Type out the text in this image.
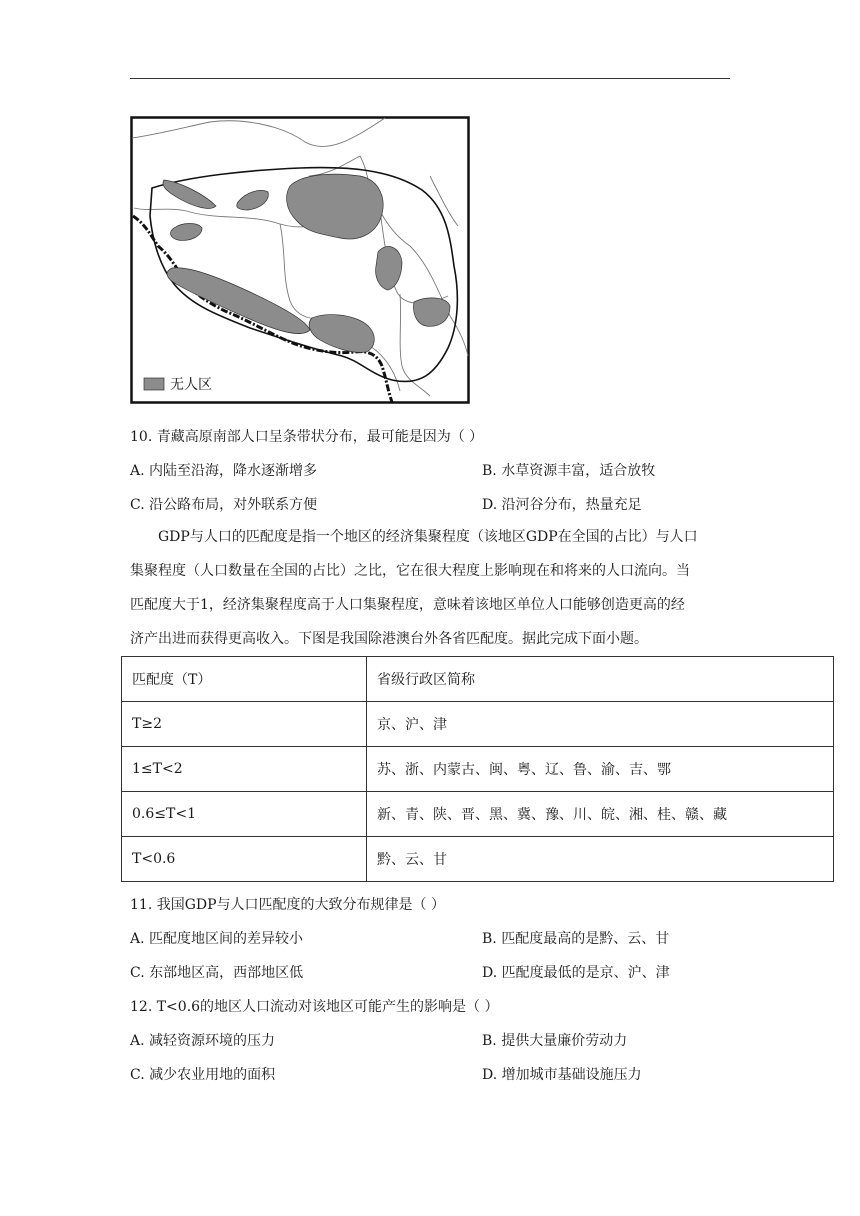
无人区
10. 青藏高原南部人口呈条带状分布，最可能是因为（ ）
A. 内陆至沿海，降水逐渐增多	B. 水草资源丰富，适合放牧
C. 沿公路布局，对外联系方便	D. 沿河谷分布，热量充足

GDP与人口的匹配度是指一个地区的经济集聚程度（该地区GDP在全国的占比）与人口

集聚程度（人口数量在全国的占比）之比，它在很大程度上影响现在和将来的人口流向。当

匹配度大于1，经济集聚程度高于人口集聚程度，意味着该地区单位人口能够创造更高的经

济产出进而获得更高收入。下图是我国除港澳台外各省匹配度。据此完成下面小题。

匹配度（T）	省级行政区简称
T≥2	京、沪、津
1≤T<2	苏、浙、内蒙古、闽、粤、辽、鲁、渝、吉、鄂
0.6≤T<1	新、青、陕、晋、黑、冀、豫、川、皖、湘、桂、赣、藏
T<0.6	黔、云、甘
11. 我国GDP与人口匹配度的大致分布规律是（ ）
A. 匹配度地区间的差异较小	B. 匹配度最高的是黔、云、甘
C. 东部地区高，西部地区低	D. 匹配度最低的是京、沪、津
12. T<0.6的地区人口流动对该地区可能产生的影响是（ ）
A. 减轻资源环境的压力	B. 提供大量廉价劳动力
C. 减少农业用地的面积	D. 增加城市基础设施压力
